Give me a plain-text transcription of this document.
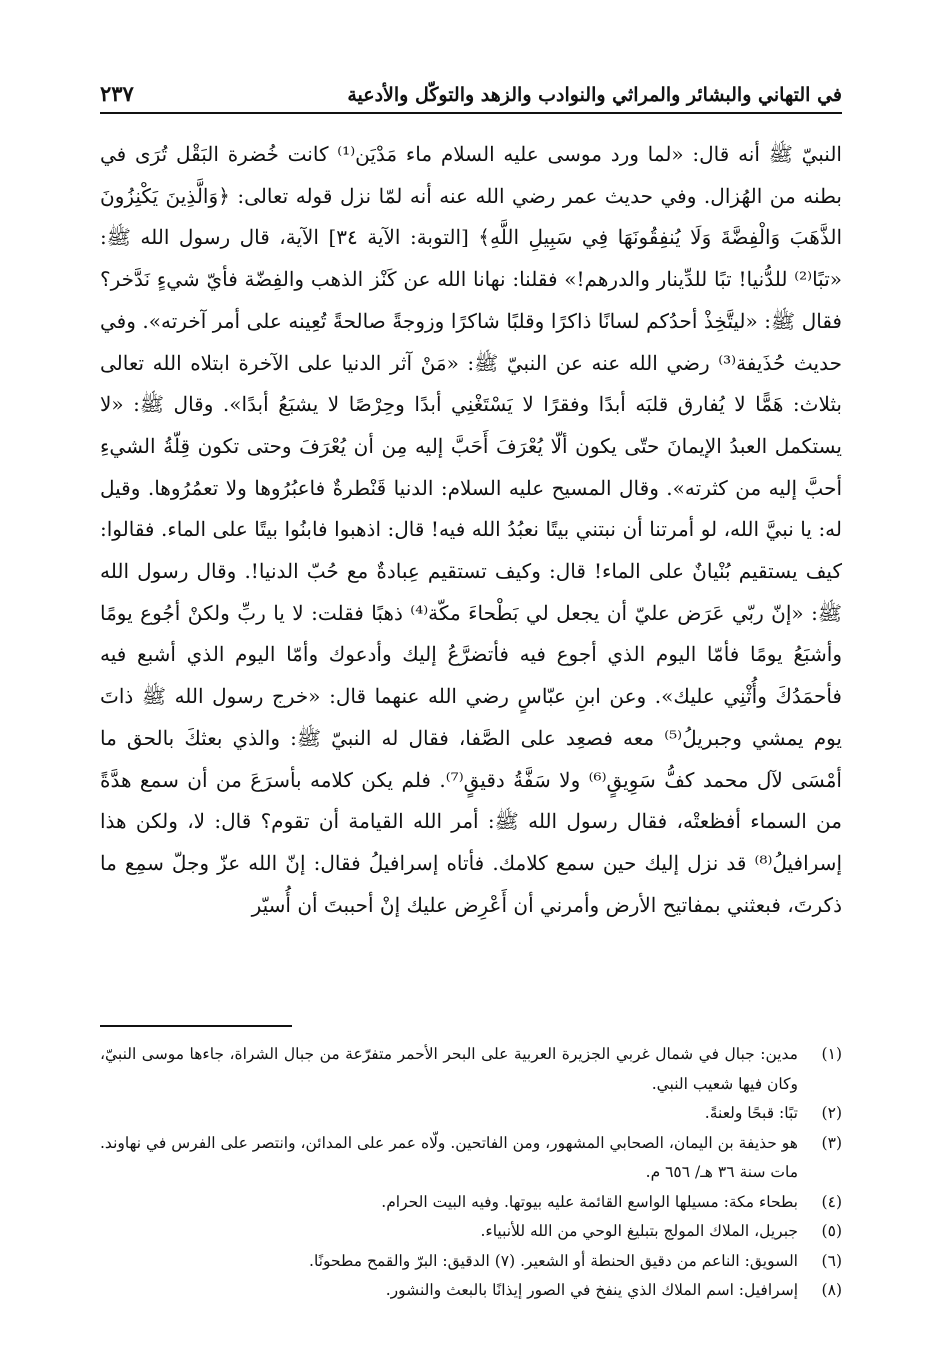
في التهاني والبشائر والمراثي والنوادب والزهد والتوكّل والأدعية
٢٣٧

النبيّ ﷺ أنه قال: «لما ورد موسى عليه السلام ماء مَدْيَن⁽¹⁾ كانت خُضرة البَقْل تُرَى في بطنه من الهُزال. وفي حديث عمر رضي الله عنه أنه لمّا نزل قوله تعالى: ﴿وَالَّذِينَ يَكْنِزُونَ الذَّهَبَ وَالْفِضَّةَ وَلَا يُنفِقُونَهَا فِي سَبِيلِ اللَّهِ﴾ [التوبة: الآية ٣٤] الآية، قال رسول الله ﷺ: «تبًا⁽²⁾ للدُّنيا! تبًا للدِّينار والدرهم!» فقلنا: نهانا الله عن كَنْز الذهب والفِضّة فأيّ شيءٍ نَدَّخر؟ فقال ﷺ: «ليتَّخِذْ أحدُكم لسانًا ذاكرًا وقلبًا شاكرًا وزوجةً صالحةً تُعِينه على أمر آخرته». وفي حديث حُذَيفة⁽³⁾ رضي الله عنه عن النبيّ ﷺ: «مَنْ آثر الدنيا على الآخرة ابتلاه الله تعالى بثلاث: هَمًّا لا يُفارق قلبَه أبدًا وفقرًا لا يَسْتَغْنِي أبدًا وحِرْصًا لا يشبَعُ أبدًا». وقال ﷺ: «لا يستكمل العبدُ الإيمانَ حتّى يكون ألّا يُعْرَفَ أَحَبَّ إليه مِن أن يُعْرَفَ وحتى تكون قِلّةُ الشيءِ أحبَّ إليه من كثرته». وقال المسيح عليه السلام: الدنيا قَنْطرةٌ فاعبُرُوها ولا تعمُرُوها. وقيل له: يا نبيَّ الله، لو أمرتنا أن نبتني بيتًا نعبُدُ الله فيه! قال: اذهبوا فابنُوا بيتًا على الماء. فقالوا: كيف يستقيم بُنْيانٌ على الماء! قال: وكيف تستقيم عِبادةٌ مع حُبّ الدنيا!. وقال رسول الله ﷺ: «إنّ ربّي عَرَض عليّ أن يجعل لي بَطْحاءَ مكّة⁽⁴⁾ ذهبًا فقلت: لا يا ربِّ ولكنْ أجُوع يومًا وأشبَعُ يومًا فأمّا اليوم الذي أجوع فيه فأتضرَّعُ إليك وأدعوك وأمّا اليوم الذي أشبع فيه فأحمَدُكَ وأُثْنِي عليك». وعن ابنِ عبّاسٍ رضي الله عنهما قال: «خرج رسول الله ﷺ ذاتَ يوم يمشي وجبريلُ⁽⁵⁾ معه فصعِد على الصَّفا، فقال له النبيّ ﷺ: والذي بعثكَ بالحق ما أمْسَى لآل محمد كفُّ سَوِيقٍ⁽⁶⁾ ولا سَفَّةُ دقيقٍ⁽⁷⁾. فلم يكن كلامه بأسرَعَ من أن سمع هدَّةً من السماء أفظعتْه، فقال رسول الله ﷺ: أمر الله القيامة أن تقوم؟ قال: لا، ولكن هذا إسرافيلُ⁽⁸⁾ قد نزل إليك حين سمع كلامك. فأتاه إسرافيلُ فقال: إنّ الله عزّ وجلّ سمِع ما ذكرتَ، فبعثني بمفاتيح الأرض وأمرني أن أَعْرِض عليك إنْ أحببتَ أن أُسيّر

(١)
مدين: جبال في شمال غربي الجزيرة العربية على البحر الأحمر متفرّعة من جبال الشراة، جاءها موسى النبيّ، وكان فيها شعيب النبي.
(٢)
تبًا: قبحًا ولعنةً.
(٣)
هو حذيفة بن اليمان، الصحابي المشهور، ومن الفاتحين. ولّاه عمر على المدائن، وانتصر على الفرس في نهاوند. مات سنة ٣٦ هـ/ ٦٥٦ م.
(٤)
بطحاء مكة: مسيلها الواسع القائمة عليه بيوتها. وفيه البيت الحرام.
(٥)
جبريل، الملاك المولج بتبليغ الوحي من الله للأنبياء.
(٦)
السويق: الناعم من دقيق الحنطة أو الشعير. (٧) الدقيق: البرّ والقمح مطحونًا.
(٨)
إسرافيل: اسم الملاك الذي ينفخ في الصور إيذانًا بالبعث والنشور.
